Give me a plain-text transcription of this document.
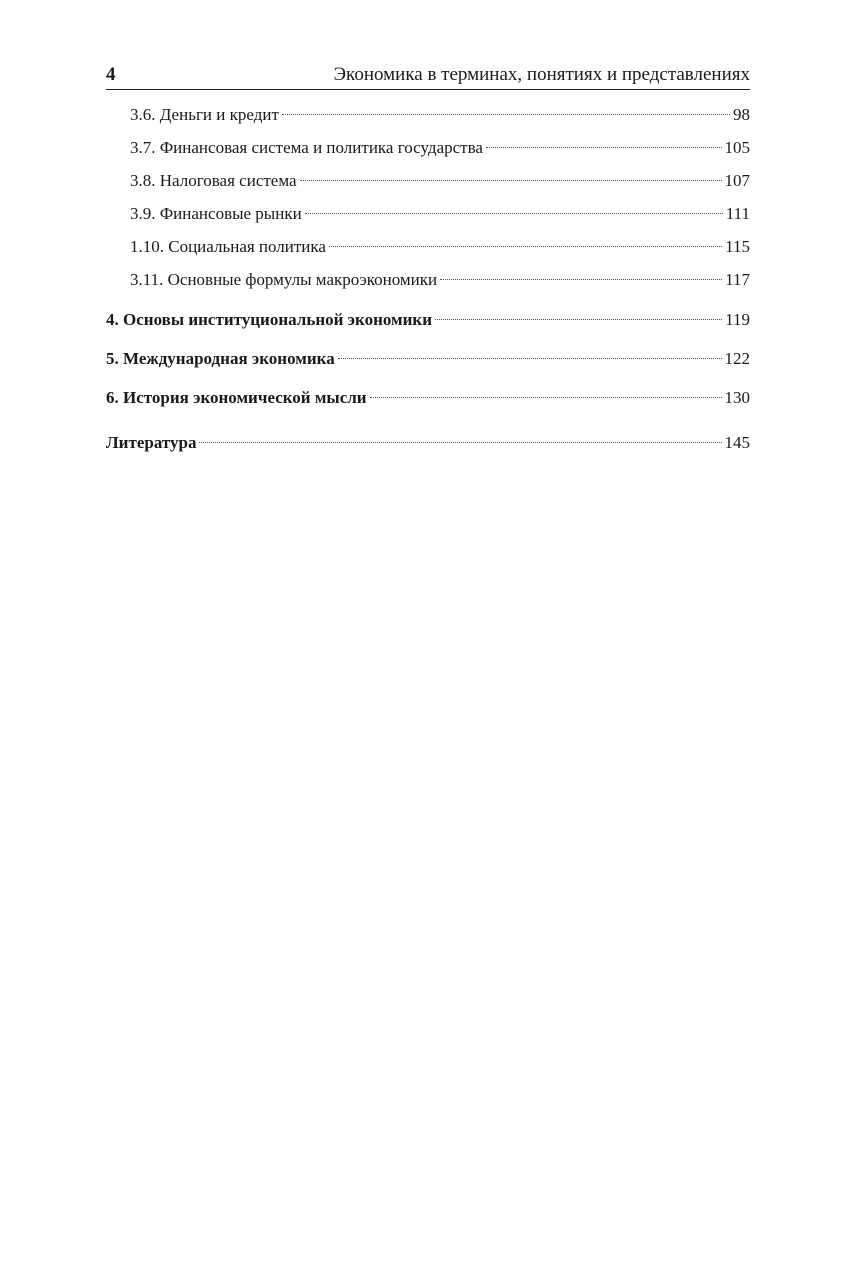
4	Экономика в терминах, понятиях и представлениях
3.6. Деньги и кредит	98
3.7. Финансовая система и политика государства	105
3.8. Налоговая система	107
3.9. Финансовые рынки	111
1.10. Социальная политика	115
3.11. Основные формулы макроэкономики	117
4. Основы институциональной экономики	119
5. Международная экономика	122
6. История экономической мысли	130
Литература	145
